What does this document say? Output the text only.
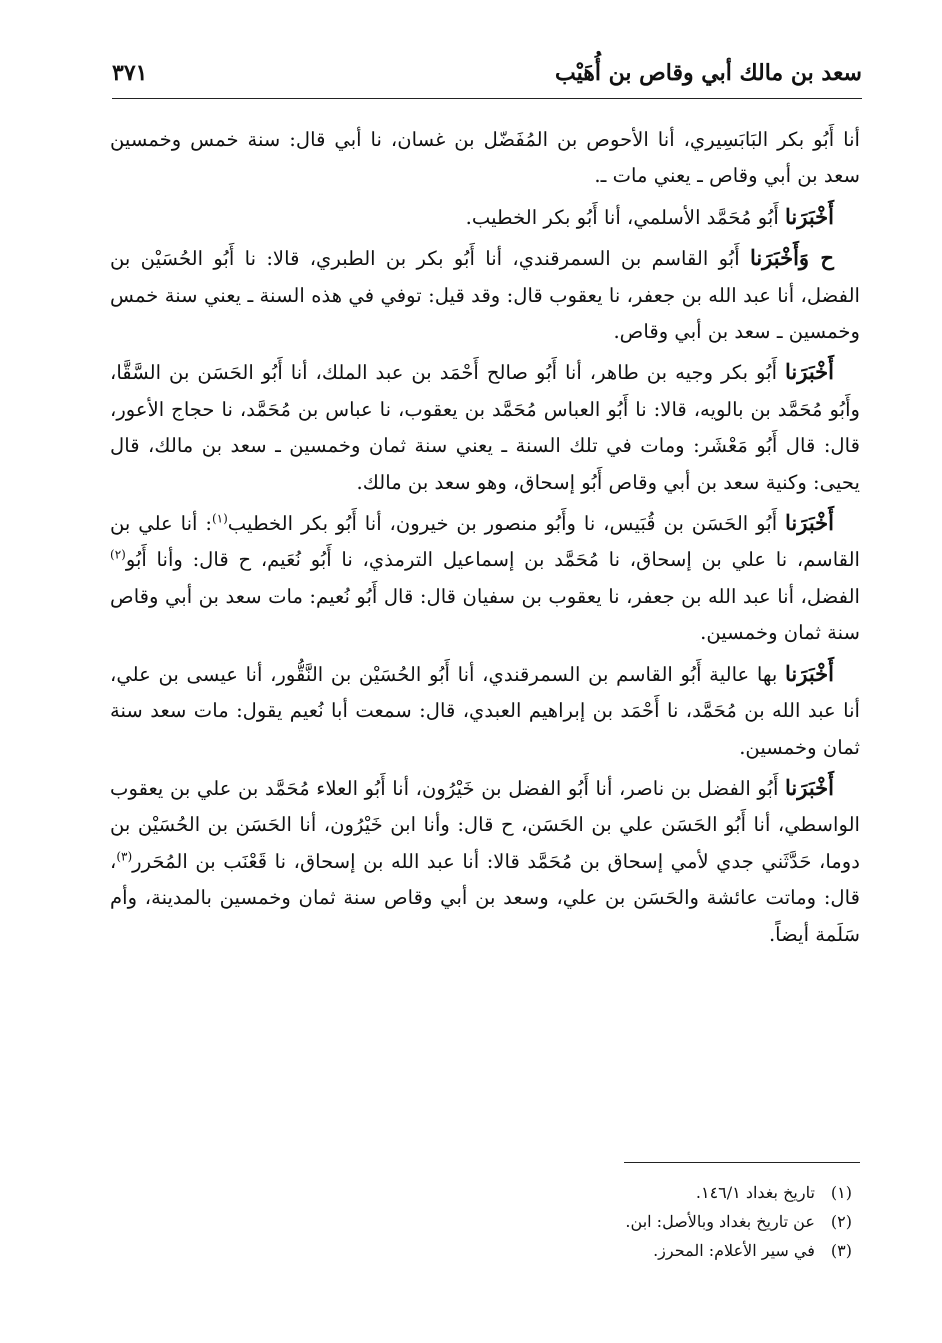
سعد بن مالك أبي وقاص بن أُهَيْب
٣٧١

أنا أَبُو بكر البَابَسِيري، أنا الأحوص بن المُفَضّل بن غسان، نا أبي قال: سنة خمس وخمسين سعد بن أبي وقاص ـ يعني مات ـ.

أَخْبَرَنا أَبُو مُحَمَّد الأسلمي، أنا أَبُو بكر الخطيب.

ح وَأَخْبَرَنا أَبُو القاسم بن السمرقندي، أنا أَبُو بكر بن الطبري، قالا: نا أَبُو الحُسَيْن بن الفضل، أنا عبد الله بن جعفر، نا يعقوب قال: وقد قيل: توفي في هذه السنة ـ يعني سنة خمس وخمسين ـ سعد بن أبي وقاص.

أَخْبَرَنا أَبُو بكر وجيه بن طاهر، أنا أَبُو صالح أَحْمَد بن عبد الملك، أنا أَبُو الحَسَن بن السَّقَّا، وأَبُو مُحَمَّد بن بالويه، قالا: نا أَبُو العباس مُحَمَّد بن يعقوب، نا عباس بن مُحَمَّد، نا حجاج الأعور، قال: قال أَبُو مَعْشَر: ومات في تلك السنة ـ يعني سنة ثمان وخمسين ـ سعد بن مالك، قال يحيى: وكنية سعد بن أبي وقاص أَبُو إسحاق، وهو سعد بن مالك.

أَخْبَرَنا أَبُو الحَسَن بن قُبَيس، نا وأَبُو منصور بن خيرون، أنا أَبُو بكر الخطيب$^{(١)}$: أنا علي بن القاسم، نا علي بن إسحاق، نا مُحَمَّد بن إسماعيل الترمذي، نا أَبُو نُعَيم، ح قال: وأنا أَبُو$^{(٢)}$ الفضل، أنا عبد الله بن جعفر، نا يعقوب بن سفيان قال: قال أَبُو نُعيم: مات سعد بن أبي وقاص سنة ثمان وخمسين.

أَخْبَرَنا بها عالية أَبُو القاسم بن السمرقندي، أنا أَبُو الحُسَيْن بن النَّقُّور، أنا عيسى بن علي، أنا عبد الله بن مُحَمَّد، نا أَحْمَد بن إبراهيم العبدي، قال: سمعت أبا نُعيم يقول: مات سعد سنة ثمان وخمسين.

أَخْبَرَنا أَبُو الفضل بن ناصر، أنا أَبُو الفضل بن خَيْرُون، أنا أَبُو العلاء مُحَمَّد بن علي بن يعقوب الواسطي، أنا أَبُو الحَسَن علي بن الحَسَن، ح قال: وأنا ابن خَيْرُون، أنا الحَسَن بن الحُسَيْن بن دوما، حَدَّثَني جدي لأمي إسحاق بن مُحَمَّد قالا: أنا عبد الله بن إسحاق، نا قَعْنَب بن المُحَرر$^{(٣)}$، قال: وماتت عائشة والحَسَن بن علي، وسعد بن أبي وقاص سنة ثمان وخمسين بالمدينة، وأم سَلَمة أيضاً.

(١) تاريخ بغداد ١٤٦/١.

(٢) عن تاريخ بغداد وبالأصل: ابن.

(٣) في سير الأعلام: المحرز.
